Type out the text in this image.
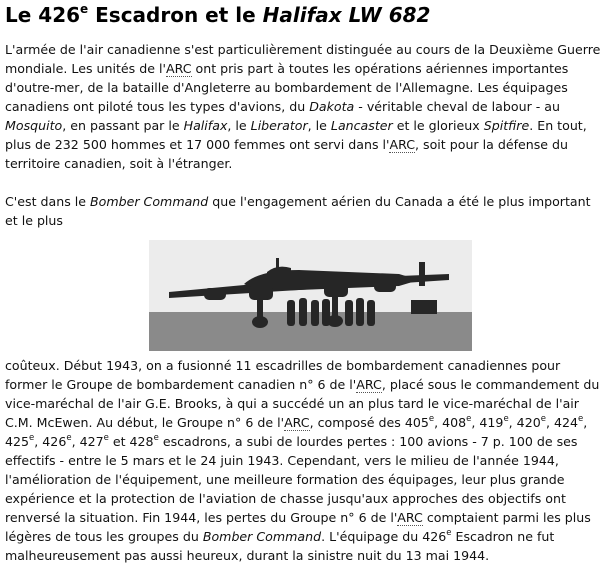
Le 426e Escadron et le Halifax LW 682

L'armée de l'air canadienne s'est particulièrement distinguée au cours de la Deuxième Guerre mondiale. Les unités de l'ARC ont pris part à toutes les opérations aériennes importantes d'outre-mer, de la bataille d'Angleterre au bombardement de l'Allemagne. Les équipages canadiens ont piloté tous les types d'avions, du Dakota - véritable cheval de labour - au Mosquito, en passant par le Halifax, le Liberator, le Lancaster et le glorieux Spitfire. En tout, plus de 232 500 hommes et 17 000 femmes ont servi dans l'ARC, soit pour la défense du territoire canadien, soit à l'étranger.

C'est dans le Bomber Command que l'engagement aérien du Canada a été le plus important et le plus

coûteux. Début 1943, on a fusionné 11 escadrilles de bombardement canadiennes pour former le Groupe de bombardement canadien n° 6 de l'ARC, placé sous le commandement du vice-maréchal de l'air G.E. Brooks, à qui a succédé un an plus tard le vice-maréchal de l'air C.M. McEwen. Au début, le Groupe n° 6 de l'ARC, composé des 405e, 408e, 419e, 420e, 424e, 425e, 426e, 427e et 428e escadrons, a subi de lourdes pertes : 100 avions - 7 p. 100 de ses effectifs - entre le 5 mars et le 24 juin 1943. Cependant, vers le milieu de l'année 1944, l'amélioration de l'équipement, une meilleure formation des équipages, leur plus grande expérience et la protection de l'aviation de chasse jusqu'aux approches des objectifs ont renversé la situation. Fin 1944, les pertes du Groupe n° 6 de l'ARC comptaient parmi les plus légères de tous les groupes du Bomber Command. L'équipage du 426e Escadron ne fut malheureusement pas aussi heureux, durant la sinistre nuit du 13 mai 1944.
